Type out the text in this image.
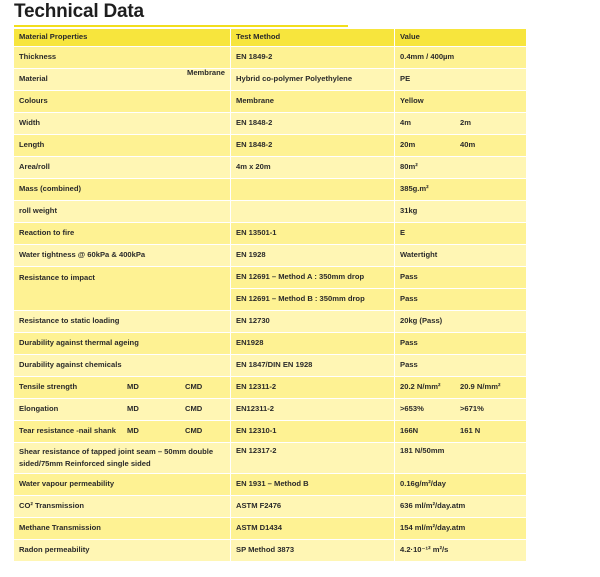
Technical Data
Material Properties	Test Method	Value
Thickness	EN 1849-2	0.4mm / 400µm
Material	Hybrid co-polymer Polyethylene	PE
Colours	Membrane	Yellow
Width	EN 1848-2	4m 2m
Length	EN 1848-2	20m 40m
Area/roll	4m x 20m	80m²
Mass (combined)		385g.m²
roll weight		31kg
Reaction to fire	EN 13501-1	E
Water tightness @ 60kPa & 400kPa	EN 1928	Watertight
Resistance to impact	EN 12691 – Method A : 350mm drop	Pass
	EN 12691 – Method B : 350mm drop	Pass
Resistance to static loading	EN 12730	20kg (Pass)
Durability against thermal ageing	EN1928	Pass
Durability against chemicals	EN 1847/DIN EN 1928	Pass
Tensile strength MD CMD	EN 12311-2	20.2 N/mm² 20.9 N/mm²
Elongation MD CMD	EN12311-2	>653% >671%
Tear resistance -nail shank MD CMD	EN 12310-1	166N 161 N
Shear resistance of tapped joint seam – 50mm double sided/75mm Reinforced single sided	EN 12317-2	181 N/50mm
Water vapour permeability	EN 1931 – Method B	0.16g/m²/day
CO² Transmission	ASTM F2476	636 ml/m²/day.atm
Methane Transmission	ASTM D1434	154 ml/m²/day.atm
Radon permeability	SP Method 3873	4.2·10⁻¹² m²/s
Membrane
